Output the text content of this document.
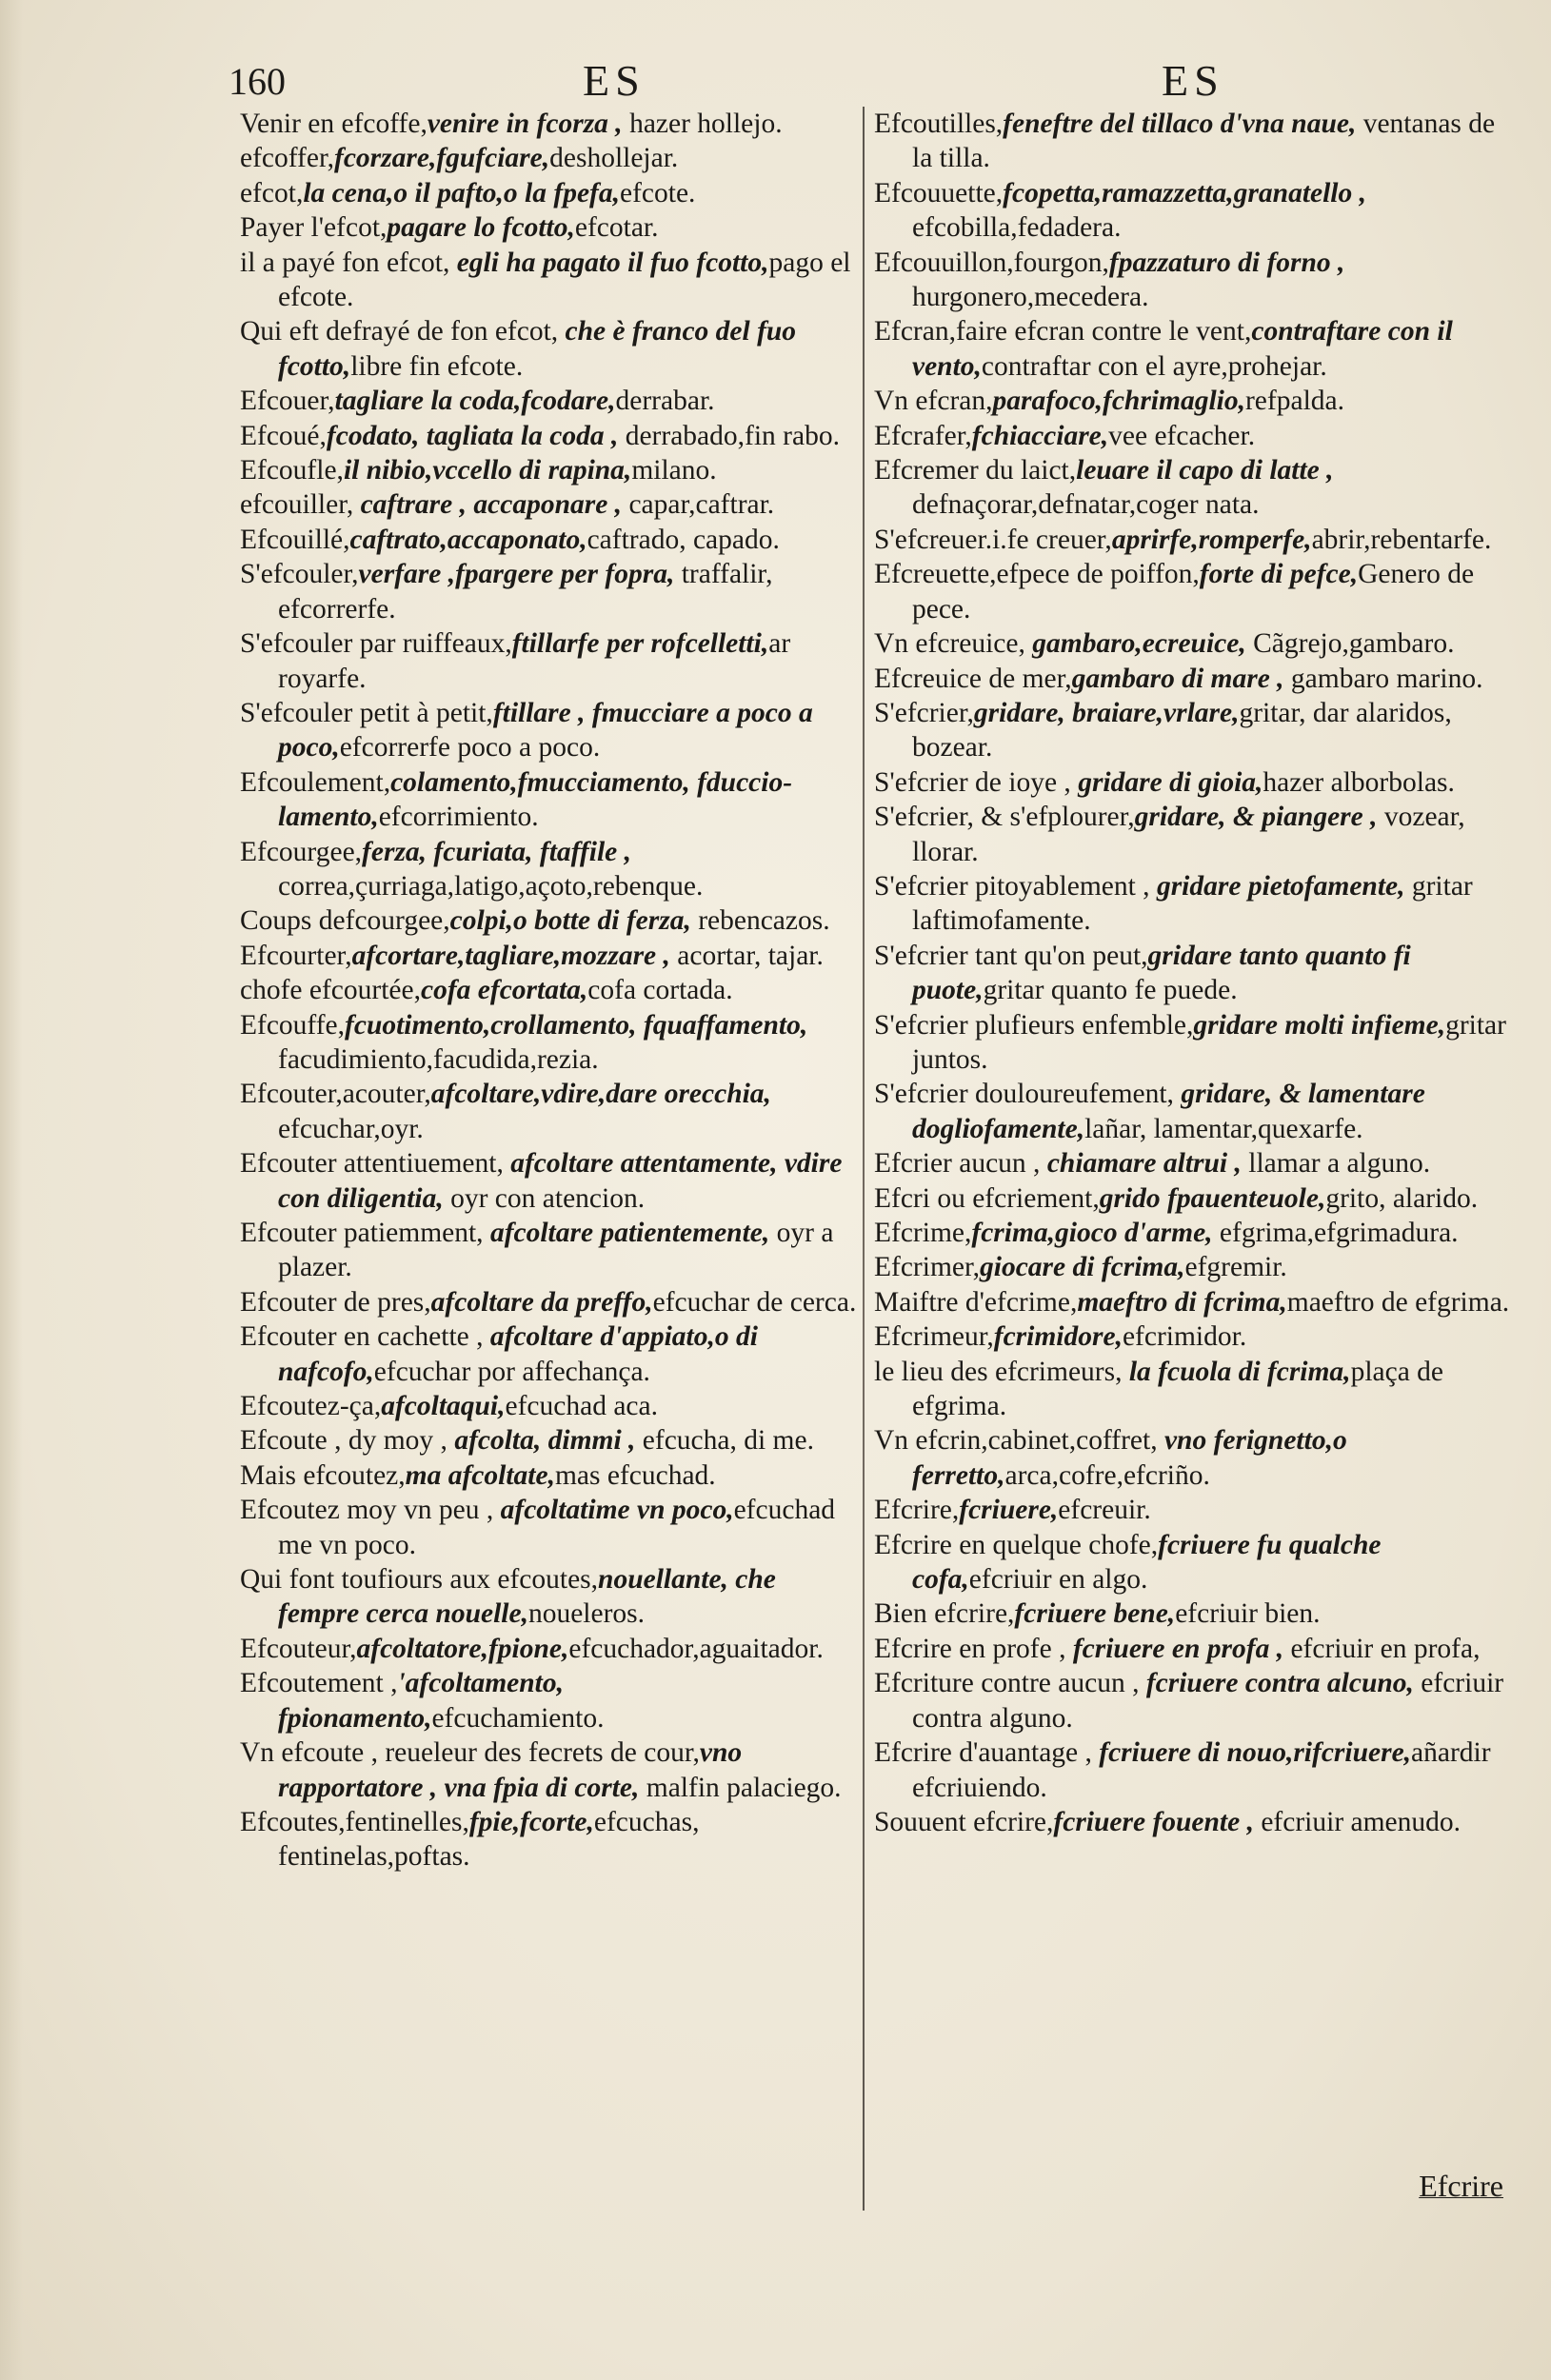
160	ES	ES

Venir en efcoffe,venire in fcorza , hazer hollejo.

efcoffer,fcorzare,fgufciare,deshollejar.

efcot,la cena,o il pafto,o la fpefa,efcote.

Payer l'efcot,pagare lo fcotto,efcotar.

il a payé fon efcot, egli ha pagato il fuo fcotto,pago el efcote.

Qui eft defrayé de fon efcot, che è franco del fuo fcotto,libre fin efcote.

Efcouer,tagliare la coda,fcodare,derrabar.

Efcoué,fcodato, tagliata la coda , derrabado,fin rabo.

Efcoufle,il nibio,vccello di rapina,milano.

efcouiller, caftrare , accaponare , capar,caftrar.

Efcouillé,caftrato,accaponato,caftrado, capado.

S'efcouler,verfare ,fpargere per fopra, traffalir, efcorrerfe.

S'efcouler par ruiffeaux,ftillarfe per rofcelletti,ar royarfe.

S'efcouler petit à petit,ftillare , fmucciare a poco a poco,efcorrerfe poco a poco.

Efcoulement,colamento,fmucciamento, fduccio-lamento,efcorrimiento.

Efcourgee,ferza, fcuriata, ftaffile , correa,çurriaga,latigo,açoto,rebenque.

Coups defcourgee,colpi,o botte di ferza, rebencazos.

Efcourter,afcortare,tagliare,mozzare , acortar, tajar.

chofe efcourtée,cofa efcortata,cofa cortada.

Efcouffe,fcuotimento,crollamento, fquaffamento, facudimiento,facudida,rezia.

Efcouter,acouter,afcoltare,vdire,dare orecchia, efcuchar,oyr.

Efcouter attentiuement, afcoltare attentamente, vdire con diligentia, oyr con atencion.

Efcouter patiemment, afcoltare patientemente, oyr a plazer.

Efcouter de pres,afcoltare da preffo,efcuchar de cerca.

Efcouter en cachette , afcoltare d'appiato,o di nafcofo,efcuchar por affechança.

Efcoutez-ça,afcoltaqui,efcuchad aca.

Efcoute , dy moy , afcolta, dimmi , efcucha, di me.

Mais efcoutez,ma afcoltate,mas efcuchad.

Efcoutez moy vn peu , afcoltatime vn poco,efcuchad me vn poco.

Qui font toufiours aux efcoutes,nouellante, che fempre cerca nouelle,noueleros.

Efcouteur,afcoltatore,fpione,efcuchador,aguaitador.

Efcoutement ,'afcoltamento, fpionamento,efcuchamiento.

Vn efcoute , reueleur des fecrets de cour,vno rapportatore , vna fpia di corte, malfin palaciego.

Efcoutes,fentinelles,fpie,fcorte,efcuchas, fentinelas,poftas.

Efcoutilles,feneftre del tillaco d'vna naue, ventanas de la tilla.

Efcouuette,fcopetta,ramazzetta,granatello , efcobilla,fedadera.

Efcouuillon,fourgon,fpazzaturo di forno , hurgonero,mecedera.

Efcran,faire efcran contre le vent,contraftare con il vento,contraftar con el ayre,prohejar.

Vn efcran,parafoco,fchrimaglio,refpalda.

Efcrafer,fchiacciare,vee efcacher.

Efcremer du laict,leuare il capo di latte , defnaçorar,defnatar,coger nata.

S'efcreuer.i.fe creuer,aprirfe,romperfe,abrir,rebentarfe.

Efcreuette,efpece de poiffon,forte di pefce,Genero de pece.

Vn efcreuice, gambaro,ecreuice, Cãgrejo,gambaro.

Efcreuice de mer,gambaro di mare , gambaro marino.

S'efcrier,gridare, braiare,vrlare,gritar, dar alaridos, bozear.

S'efcrier de ioye , gridare di gioia,hazer alborbolas.

S'efcrier, & s'efplourer,gridare, & piangere , vozear, llorar.

S'efcrier pitoyablement , gridare pietofamente, gritar laftimofamente.

S'efcrier tant qu'on peut,gridare tanto quanto fi puote,gritar quanto fe puede.

S'efcrier plufieurs enfemble,gridare molti infieme,gritar juntos.

S'efcrier douloureufement, gridare, & lamentare dogliofamente,lañar, lamentar,quexarfe.

Efcrier aucun , chiamare altrui , llamar a alguno.

Efcri ou efcriement,grido fpauenteuole,grito, alarido.

Efcrime,fcrima,gioco d'arme, efgrima,efgrimadura.

Efcrimer,giocare di fcrima,efgremir.

Maiftre d'efcrime,maeftro di fcrima,maeftro de efgrima.

Efcrimeur,fcrimidore,efcrimidor.

le lieu des efcrimeurs, la fcuola di fcrima,plaça de efgrima.

Vn efcrin,cabinet,coffret, vno ferignetto,o ferretto,arca,cofre,efcriño.

Efcrire,fcriuere,efcreuir.

Efcrire en quelque chofe,fcriuere fu qualche cofa,efcriuir en algo.

Bien efcrire,fcriuere bene,efcriuir bien.

Efcrire en profe , fcriuere en profa , efcriuir en profa,

Efcriture contre aucun , fcriuere contra alcuno, efcriuir contra alguno.

Efcrire d'auantage , fcriuere di nouo,rifcriuere,añardir efcriuiendo.

Souuent efcrire,fcriuere fouente , efcriuir amenudo.

Efcrire
